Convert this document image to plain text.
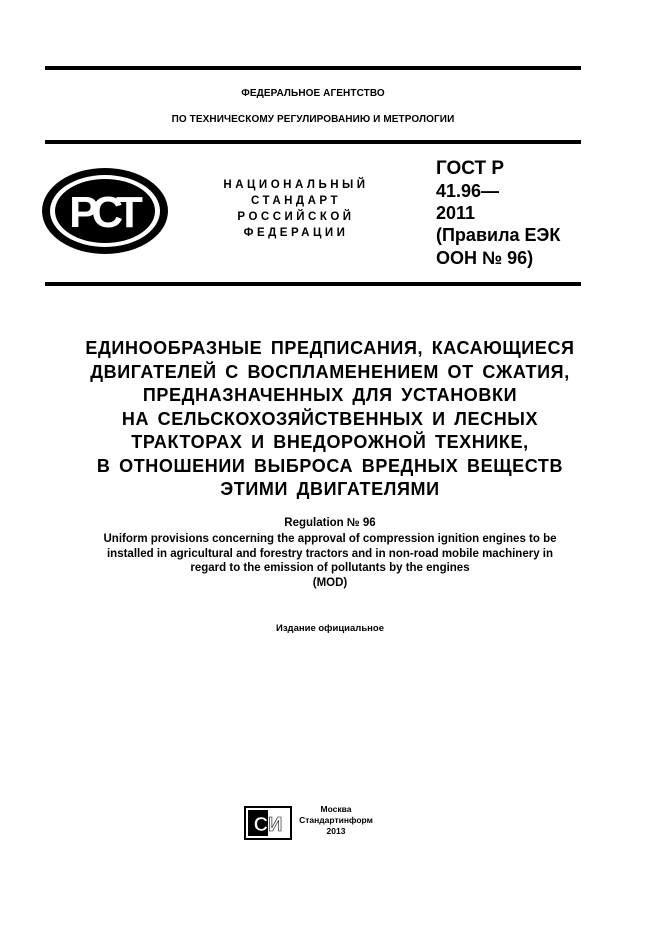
ФЕДЕРАЛЬНОЕ АГЕНТСТВО
ПО ТЕХНИЧЕСКОМУ РЕГУЛИРОВАНИЮ И МЕТРОЛОГИИ
РСТ
НАЦИОНАЛЬНЫЙ
СТАНДАРТ
РОССИЙСКОЙ
ФЕДЕРАЦИИ
ГОСТ Р
41.96—
2011
(Правила ЕЭК
ООН № 96)
ЕДИНООБРАЗНЫЕ ПРЕДПИСАНИЯ, КАСАЮЩИЕСЯ
ДВИГАТЕЛЕЙ С ВОСПЛАМЕНЕНИЕМ ОТ СЖАТИЯ,
ПРЕДНАЗНАЧЕННЫХ ДЛЯ УСТАНОВКИ
НА СЕЛЬСКОХОЗЯЙСТВЕННЫХ И ЛЕСНЫХ
ТРАКТОРАХ И ВНЕДОРОЖНОЙ ТЕХНИКЕ,
В ОТНОШЕНИИ ВЫБРОСА ВРЕДНЫХ ВЕЩЕСТВ
ЭТИМИ ДВИГАТЕЛЯМИ
Regulation № 96
Uniform provisions concerning the approval of compression ignition engines to be
installed in agricultural and forestry tractors and in non-road mobile machinery in
regard to the emission of pollutants by the engines
(MOD)
Издание официальное
СИ
Москва
Стандартинформ
2013
